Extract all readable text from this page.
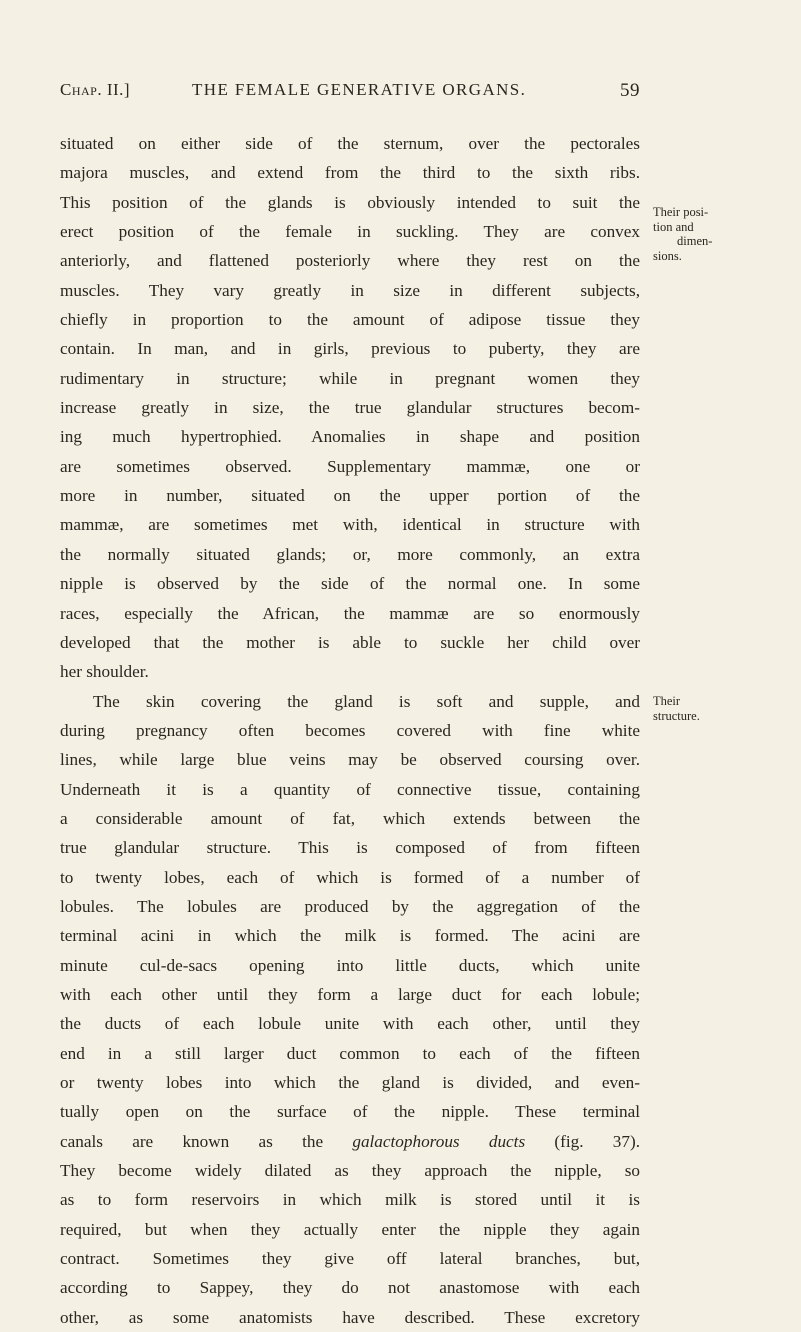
Chap. II.]	THE FEMALE GENERATIVE ORGANS.	59
situated on either side of the sternum, over the pectorales
majora muscles, and extend from the third to the sixth ribs.
This position of the glands is obviously intended to suit the
erect position of the female in suckling. They are convex
anteriorly, and flattened posteriorly where they rest on the
muscles. They vary greatly in size in different subjects,
chiefly in proportion to the amount of adipose tissue they
contain. In man, and in girls, previous to puberty, they are
rudimentary in structure; while in pregnant women they
increase greatly in size, the true glandular structures becom-
ing much hypertrophied. Anomalies in shape and position
are sometimes observed. Supplementary mammæ, one or
more in number, situated on the upper portion of the
mammæ, are sometimes met with, identical in structure with
the normally situated glands; or, more commonly, an extra
nipple is observed by the side of the normal one. In some
races, especially the African, the mammæ are so enormously
developed that the mother is able to suckle her child over
her shoulder.
The skin covering the gland is soft and supple, and
during pregnancy often becomes covered with fine white
lines, while large blue veins may be observed coursing over.
Underneath it is a quantity of connective tissue, containing
a considerable amount of fat, which extends between the
true glandular structure. This is composed of from fifteen
to twenty lobes, each of which is formed of a number of
lobules. The lobules are produced by the aggregation of the
terminal acini in which the milk is formed. The acini are
minute cul-de-sacs opening into little ducts, which unite
with each other until they form a large duct for each lobule;
the ducts of each lobule unite with each other, until they
end in a still larger duct common to each of the fifteen
or twenty lobes into which the gland is divided, and even-
tually open on the surface of the nipple. These terminal
canals are known as the galactophorous ducts (fig. 37).
They become widely dilated as they approach the nipple, so
as to form reservoirs in which milk is stored until it is
required, but when they actually enter the nipple they again
contract. Sometimes they give off lateral branches, but,
according to Sappey, they do not anastomose with each
other, as some anatomists have described. These excretory
Their posi-
tion and
dimen-
sions.
Their
structure.
